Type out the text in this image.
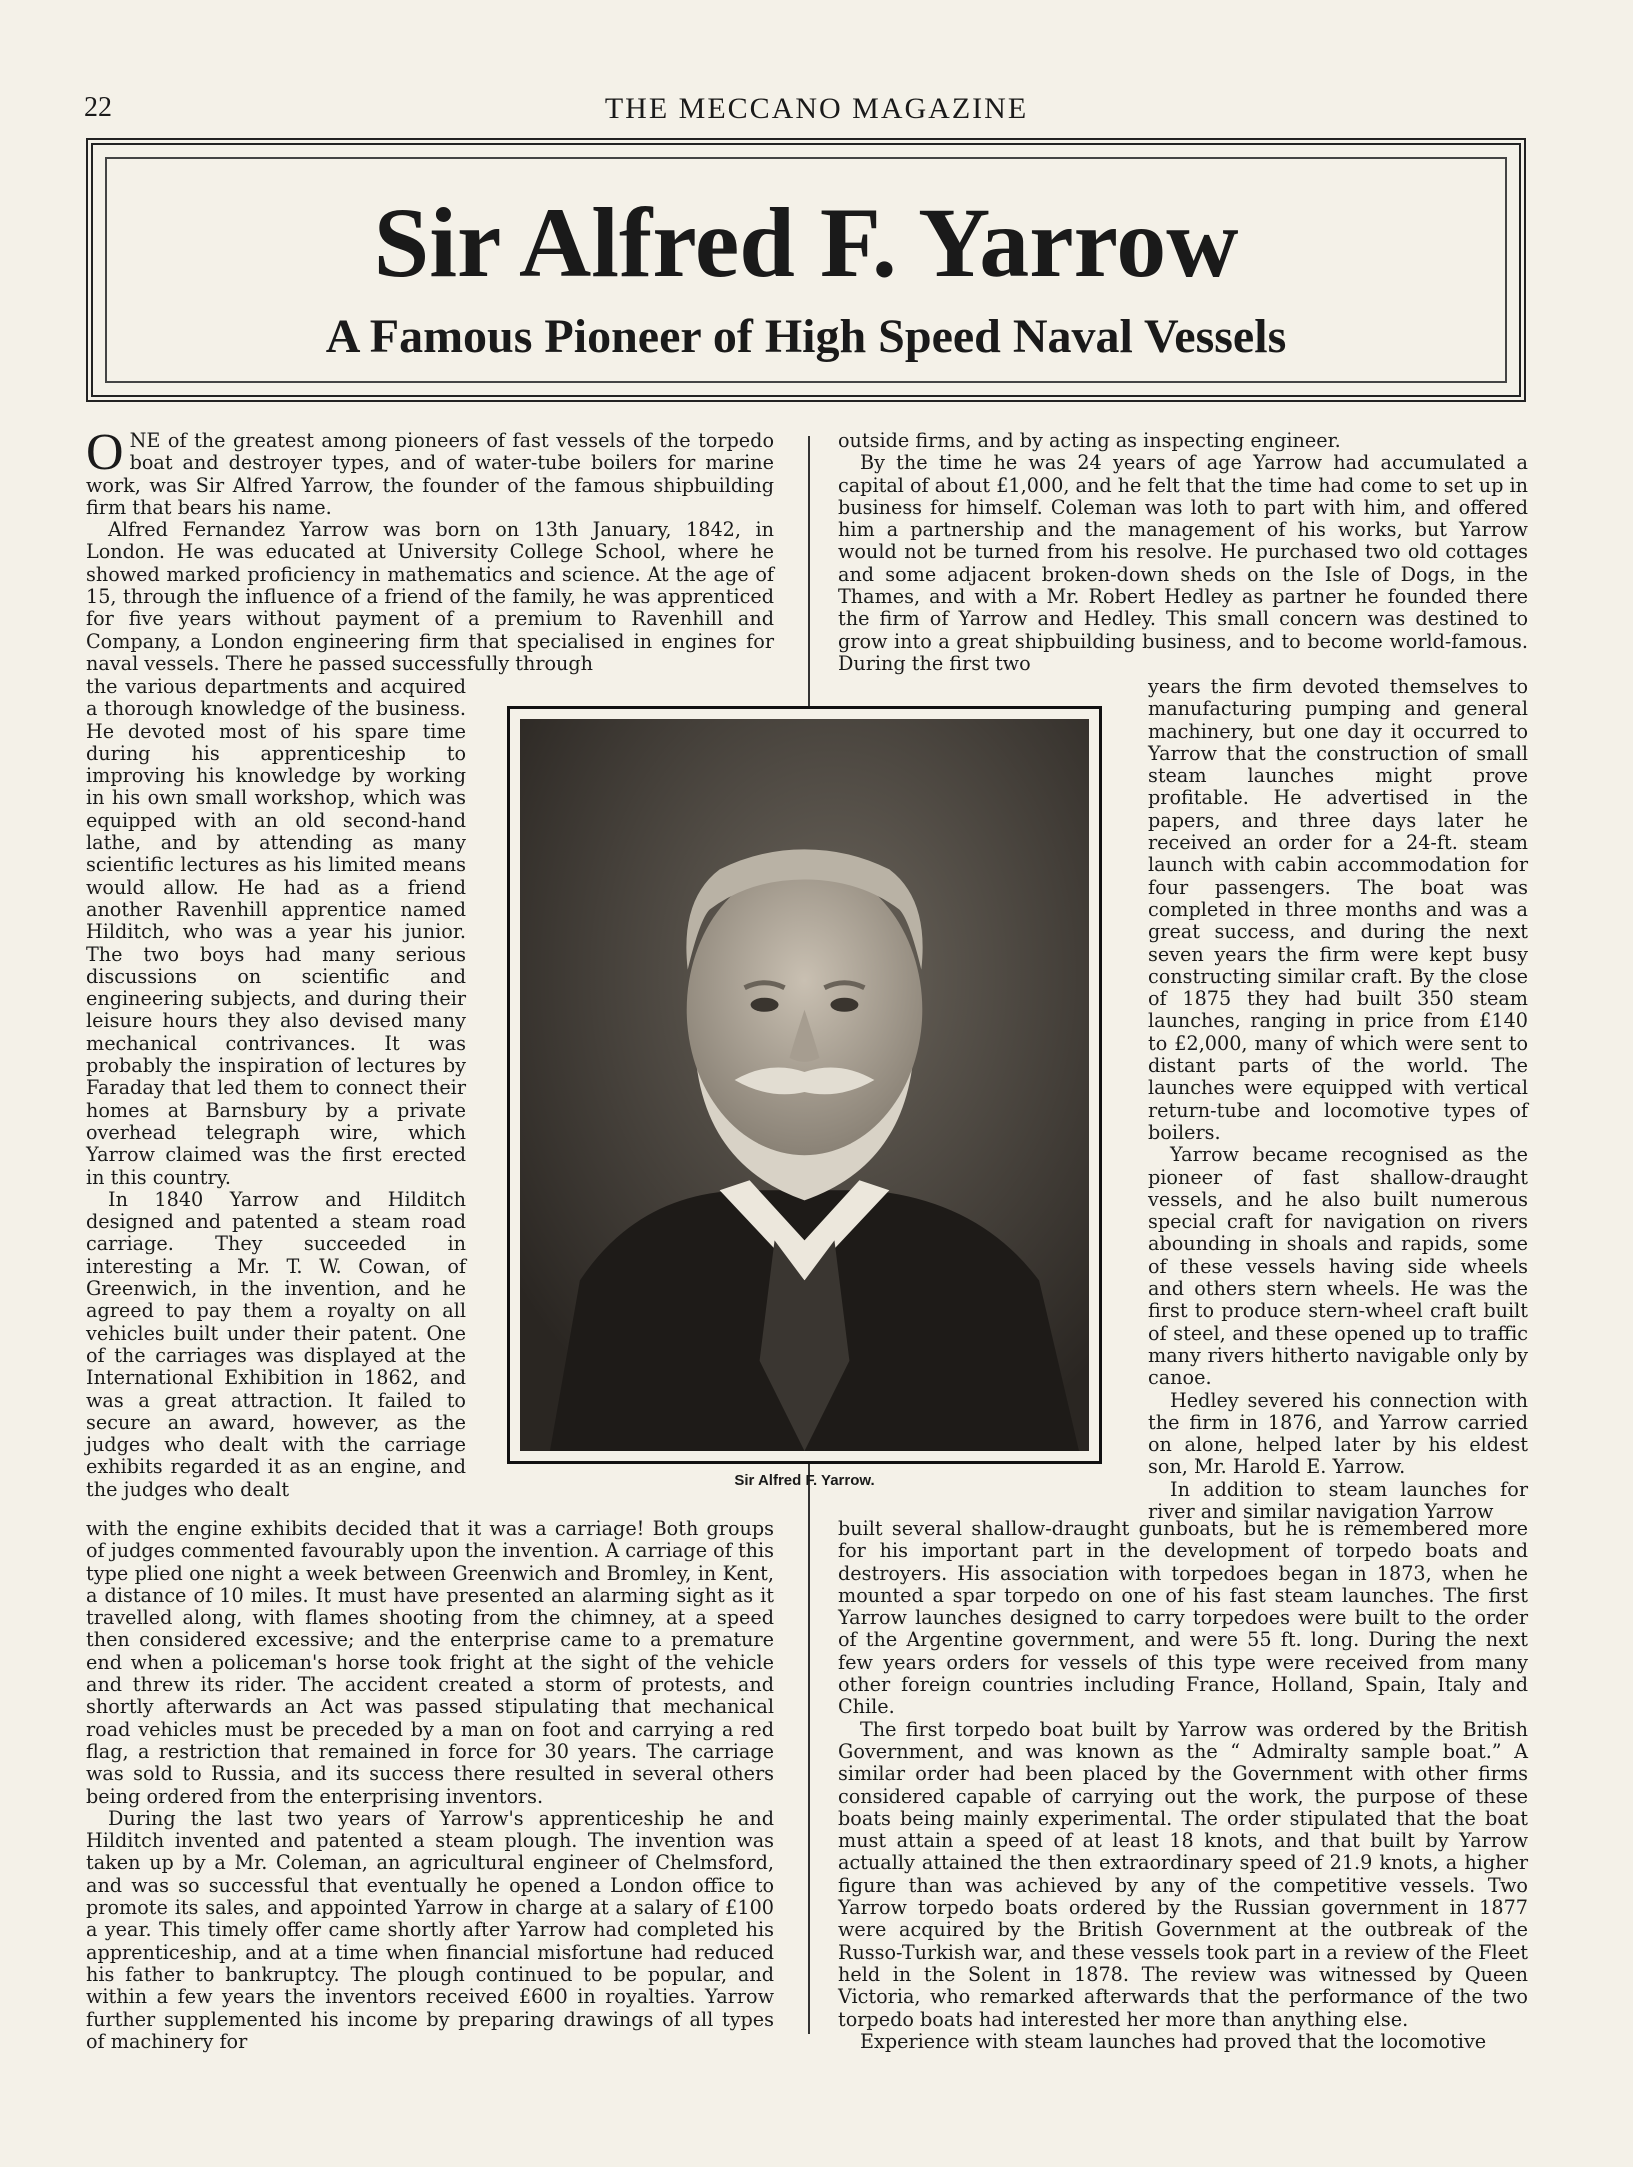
22	THE MECCANO MAGAZINE
Sir Alfred F. Yarrow
A Famous Pioneer of High Speed Naval Vessels

ONE of the greatest among pioneers of fast vessels of the torpedo boat and destroyer types, and of water-tube boilers for marine work, was Sir Alfred Yarrow, the founder of the famous shipbuilding firm that bears his name.

Alfred Fernandez Yarrow was born on 13th January, 1842, in London. He was educated at University College School, where he showed marked proficiency in mathematics and science. At the age of 15, through the influence of a friend of the family, he was apprenticed for five years without payment of a premium to Ravenhill and Company, a London engineering firm that specialised in engines for naval vessels. There he passed successfully through

the various departments and acquired a thorough knowledge of the business. He devoted most of his spare time during his apprenticeship to improving his knowledge by working in his own small workshop, which was equipped with an old second-hand lathe, and by attending as many scientific lectures as his limited means would allow. He had as a friend another Ravenhill apprentice named Hilditch, who was a year his junior. The two boys had many serious discussions on scientific and engineering subjects, and during their leisure hours they also devised many mechanical contrivances. It was probably the inspiration of lectures by Faraday that led them to connect their homes at Barnsbury by a private overhead telegraph wire, which Yarrow claimed was the first erected in this country.

In 1840 Yarrow and Hilditch designed and patented a steam road carriage. They succeeded in interesting a Mr. T. W. Cowan, of Greenwich, in the invention, and he agreed to pay them a royalty on all vehicles built under their patent. One of the carriages was displayed at the International Exhibition in 1862, and was a great attraction. It failed to secure an award, however, as the judges who dealt with the carriage exhibits regarded it as an engine, and the judges who dealt

with the engine exhibits decided that it was a carriage! Both groups of judges commented favourably upon the invention. A carriage of this type plied one night a week between Greenwich and Bromley, in Kent, a distance of 10 miles. It must have presented an alarming sight as it travelled along, with flames shooting from the chimney, at a speed then considered excessive; and the enterprise came to a premature end when a policeman's horse took fright at the sight of the vehicle and threw its rider. The accident created a storm of protests, and shortly afterwards an Act was passed stipulating that mechanical road vehicles must be preceded by a man on foot and carrying a red flag, a restriction that remained in force for 30 years. The carriage was sold to Russia, and its success there resulted in several others being ordered from the enterprising inventors.

During the last two years of Yarrow's apprenticeship he and Hilditch invented and patented a steam plough. The invention was taken up by a Mr. Coleman, an agricultural engineer of Chelmsford, and was so successful that eventually he opened a London office to promote its sales, and appointed Yarrow in charge at a salary of £100 a year. This timely offer came shortly after Yarrow had completed his apprenticeship, and at a time when financial misfortune had reduced his father to bankruptcy. The plough continued to be popular, and within a few years the inventors received £600 in royalties. Yarrow further supplemented his income by preparing drawings of all types of machinery for

outside firms, and by acting as inspecting engineer.

By the time he was 24 years of age Yarrow had accumulated a capital of about £1,000, and he felt that the time had come to set up in business for himself. Coleman was loth to part with him, and offered him a partnership and the management of his works, but Yarrow would not be turned from his resolve. He purchased two old cottages and some adjacent broken-down sheds on the Isle of Dogs, in the Thames, and with a Mr. Robert Hedley as partner he founded there the firm of Yarrow and Hedley. This small concern was destined to grow into a great shipbuilding business, and to become world-famous. During the first two

years the firm devoted themselves to manufacturing pumping and general machinery, but one day it occurred to Yarrow that the construction of small steam launches might prove profitable. He advertised in the papers, and three days later he received an order for a 24-ft. steam launch with cabin accommodation for four passengers. The boat was completed in three months and was a great success, and during the next seven years the firm were kept busy constructing similar craft. By the close of 1875 they had built 350 steam launches, ranging in price from £140 to £2,000, many of which were sent to distant parts of the world. The launches were equipped with vertical return-tube and locomotive types of boilers.

Yarrow became recognised as the pioneer of fast shallow-draught vessels, and he also built numerous special craft for navigation on rivers abounding in shoals and rapids, some of these vessels having side wheels and others stern wheels. He was the first to produce stern-wheel craft built of steel, and these opened up to traffic many rivers hitherto navigable only by canoe.

Hedley severed his connection with the firm in 1876, and Yarrow carried on alone, helped later by his eldest son, Mr. Harold E. Yarrow.

In addition to steam launches for river and similar navigation Yarrow

built several shallow-draught gunboats, but he is remembered more for his important part in the development of torpedo boats and destroyers. His association with torpedoes began in 1873, when he mounted a spar torpedo on one of his fast steam launches. The first Yarrow launches designed to carry torpedoes were built to the order of the Argentine government, and were 55 ft. long. During the next few years orders for vessels of this type were received from many other foreign countries including France, Holland, Spain, Italy and Chile.

The first torpedo boat built by Yarrow was ordered by the British Government, and was known as the “ Admiralty sample boat.” A similar order had been placed by the Government with other firms considered capable of carrying out the work, the purpose of these boats being mainly experimental. The order stipulated that the boat must attain a speed of at least 18 knots, and that built by Yarrow actually attained the then extraordinary speed of 21.9 knots, a higher figure than was achieved by any of the competitive vessels. Two Yarrow torpedo boats ordered by the Russian government in 1877 were acquired by the British Government at the outbreak of the Russo-Turkish war, and these vessels took part in a review of the Fleet held in the Solent in 1878. The review was witnessed by Queen Victoria, who remarked afterwards that the performance of the two torpedo boats had interested her more than anything else.

Experience with steam launches had proved that the locomotive

Sir Alfred F. Yarrow.
